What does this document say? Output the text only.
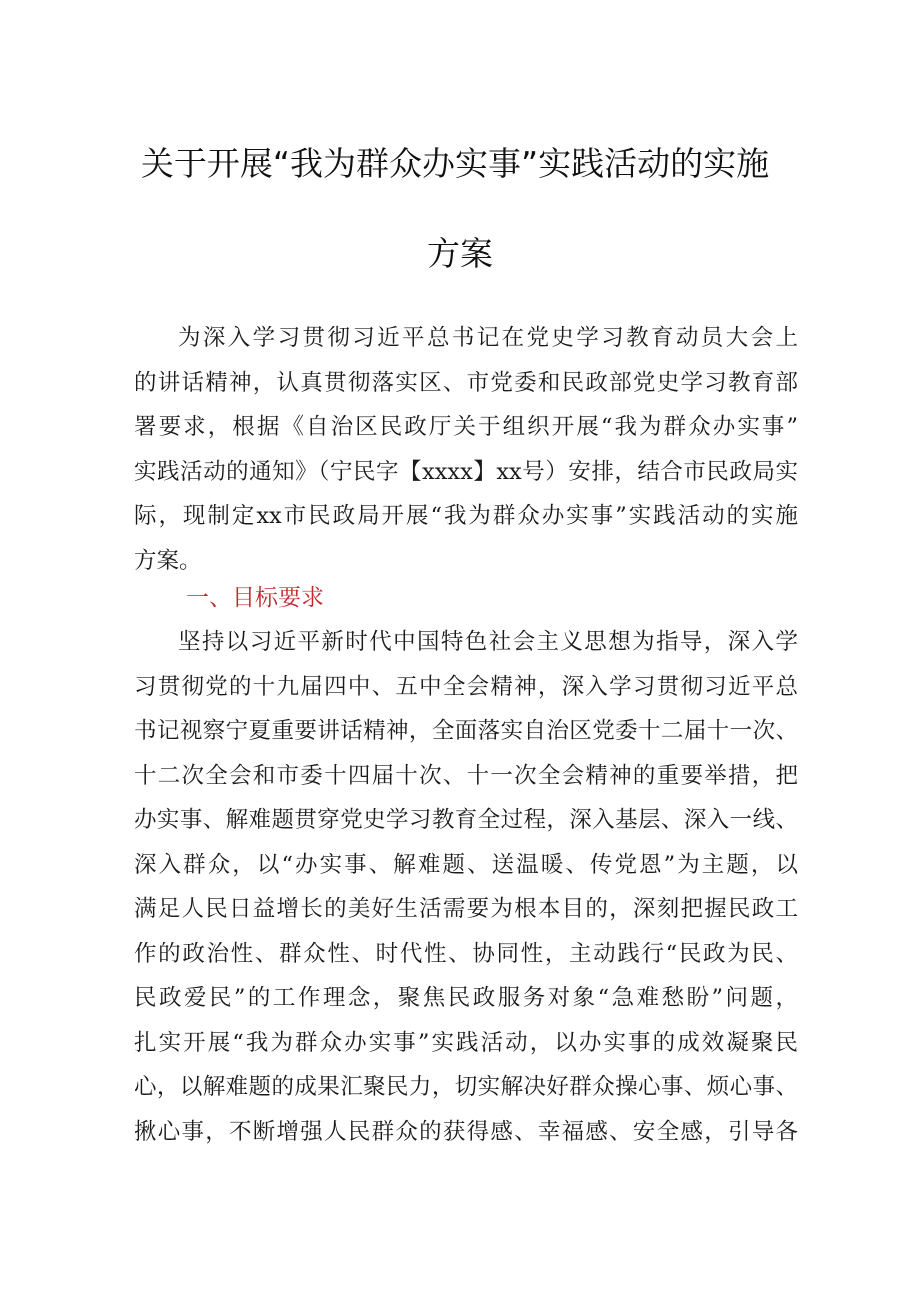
关于开展“我为群众办实事”实践活动的实施
方案
为深入学习贯彻习近平总书记在党史学习教育动员大会上
的讲话精神，认真贯彻落实区、市党委和民政部党史学习教育部
署要求，根据《自治区民政厅关于组织开展“我为群众办实事”
实践活动的通知》（宁民字【xxxx】xx号）安排，结合市民政局实
际，现制定xx市民政局开展“我为群众办实事”实践活动的实施
方案。
一、目标要求
坚持以习近平新时代中国特色社会主义思想为指导，深入学
习贯彻党的十九届四中、五中全会精神，深入学习贯彻习近平总
书记视察宁夏重要讲话精神，全面落实自治区党委十二届十一次、
十二次全会和市委十四届十次、十一次全会精神的重要举措，把
办实事、解难题贯穿党史学习教育全过程，深入基层、深入一线、
深入群众，以“办实事、解难题、送温暖、传党恩”为主题，以
满足人民日益增长的美好生活需要为根本目的，深刻把握民政工
作的政治性、群众性、时代性、协同性，主动践行“民政为民、
民政爱民”的工作理念，聚焦民政服务对象“急难愁盼”问题，
扎实开展“我为群众办实事”实践活动，以办实事的成效凝聚民
心，以解难题的成果汇聚民力，切实解决好群众操心事、烦心事、
揪心事，不断增强人民群众的获得感、幸福感、安全感，引导各
